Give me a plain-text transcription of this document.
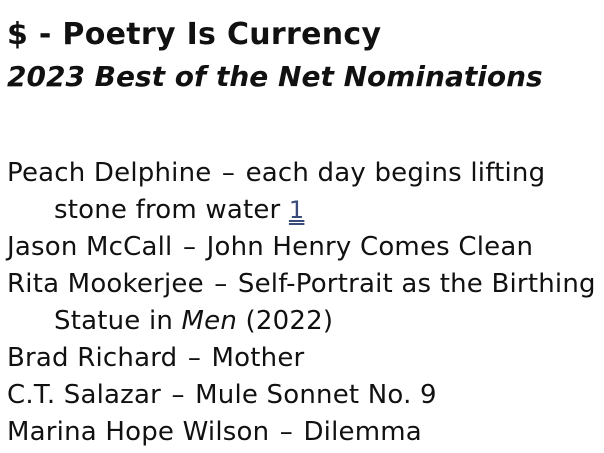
$ - Poetry Is Currency
2023 Best of the Net Nominations
Peach Delphine – each day begins lifting stone from water 1
Jason McCall – John Henry Comes Clean
Rita Mookerjee – Self-Portrait as the Birthing Statue in Men (2022)
Brad Richard – Mother
C.T. Salazar – Mule Sonnet No. 9
Marina Hope Wilson – Dilemma
